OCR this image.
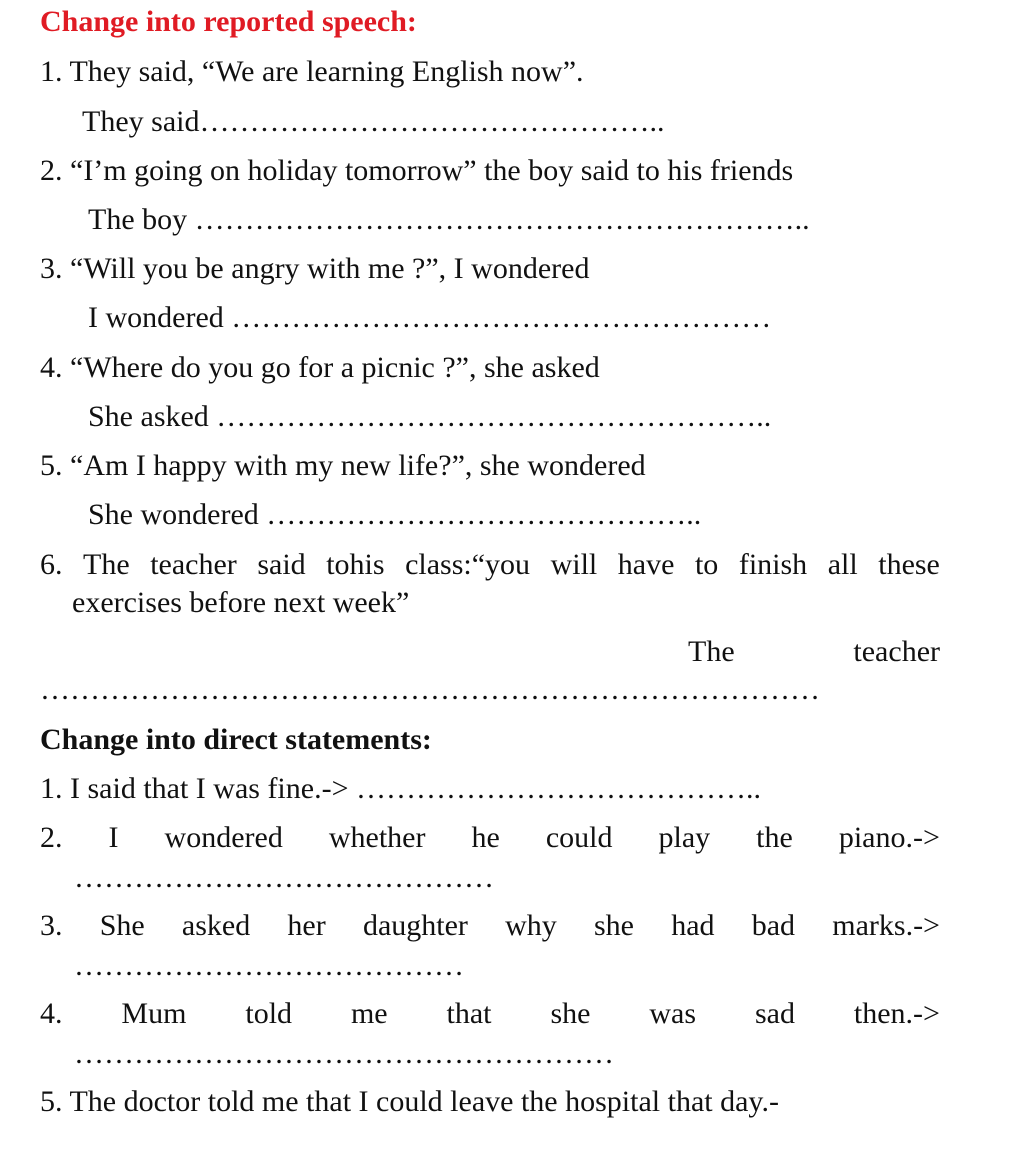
Change into reported speech:
1. They said, “We are learning English now”.
They said………………………………………..
2. “I’m going on holiday tomorrow” the boy said to his friends
The boy ……………………………………………………..
3. “Will you be angry with me ?”, I wondered
I wondered ………………………………………………
4. “Where do you go for a picnic ?”, she asked
She asked ………………………………………………..
5. “Am I happy with my new life?”, she wondered
She wondered ……………………………………..
6. The teacher said tohis class:“you will have to finish all these
exercises before next week”
The	teacher
……………………………………………………………………
Change into direct statements:
1. I said that I was fine.-> …………………………………..
2. I wondered whether he could play the piano.->
……………………………………
3. She asked her daughter why she had bad marks.->
…………………………………
4. Mum told me that she was sad then.->
………………………………………………
5. The doctor told me that I could leave the hospital that day.-
